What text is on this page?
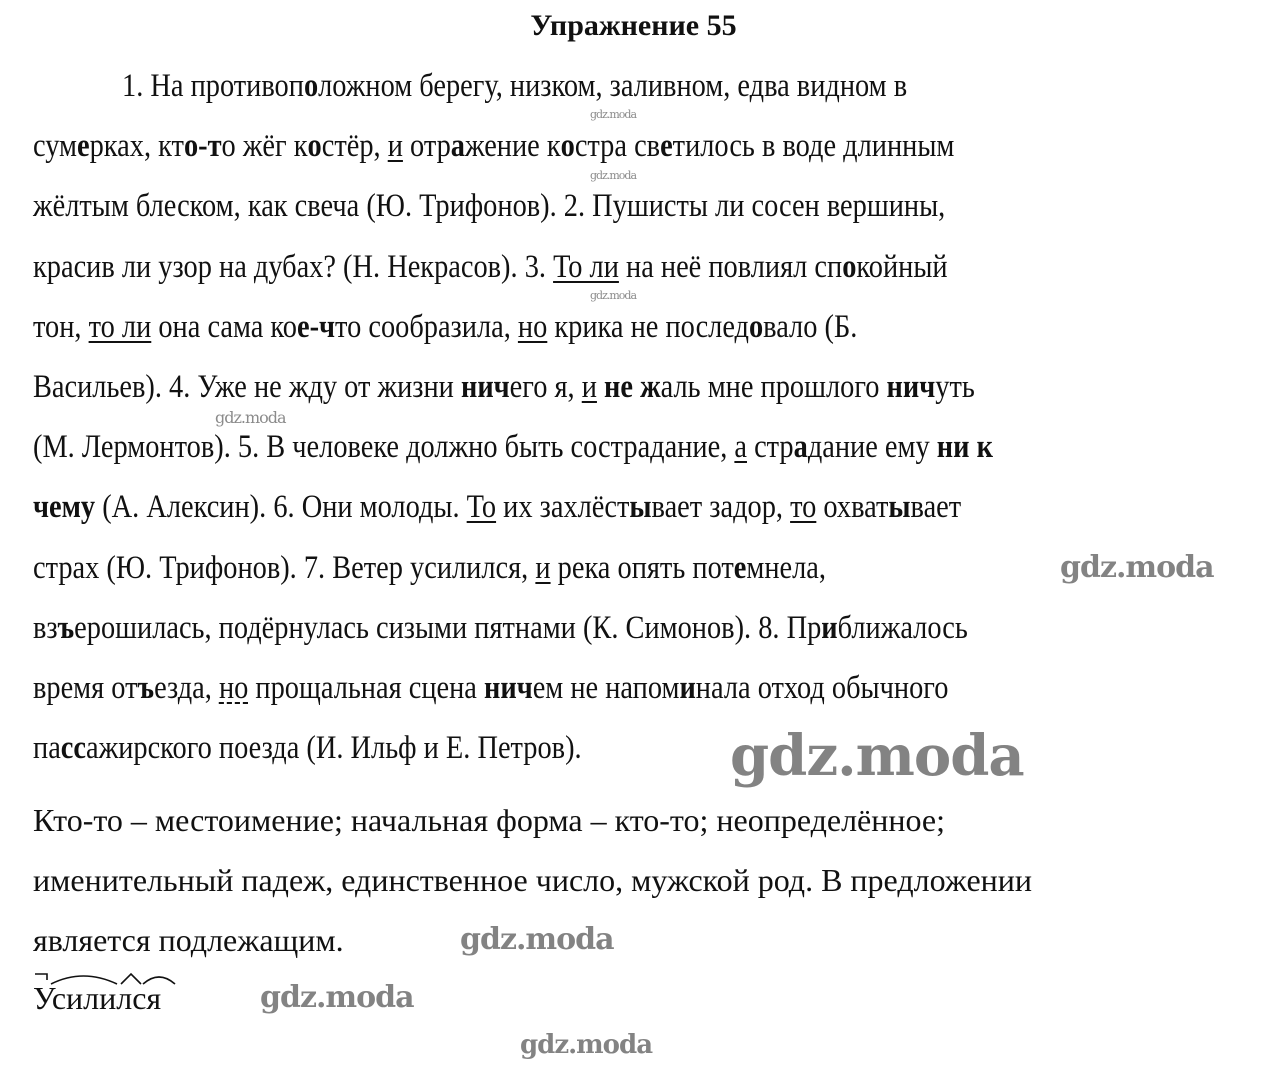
Упражнение 55
1. На противоположном берегу, низком, заливном, едва видном в
сумерках, кто-то жёг костёр, и отражение костра светилось в воде длинным
жёлтым блеском, как свеча (Ю. Трифонов). 2. Пушисты ли сосен вершины,
красив ли узор на дубах? (Н. Некрасов). 3. То ли на неё повлиял спокойный
тон, то ли она сама кое-что сообразила, но крика не последовало (Б.
Васильев). 4. Уже не жду от жизни ничего я, и не жаль мне прошлого ничуть
(М. Лермонтов). 5. В человеке должно быть сострадание, а страдание ему ни к
чему (А. Алексин). 6. Они молоды. То их захлёстывает задор, то охватывает
страх (Ю. Трифонов). 7. Ветер усилился, и река опять потемнела,
взъерошилась, подёрнулась сизыми пятнами (К. Симонов). 8. Приближалось
время отъезда, но прощальная сцена ничем не напоминала отход обычного
пассажирского поезда (И. Ильф и Е. Петров).
Кто-то – местоимение; начальная форма – кто-то; неопределённое;
именительный падеж, единственное число, мужской род. В предложении
является подлежащим.
Усилился
gdz.moda
gdz.moda
gdz.moda
gdz.moda
gdz.moda
gdz.moda
gdz.moda
gdz.moda
gdz.moda
